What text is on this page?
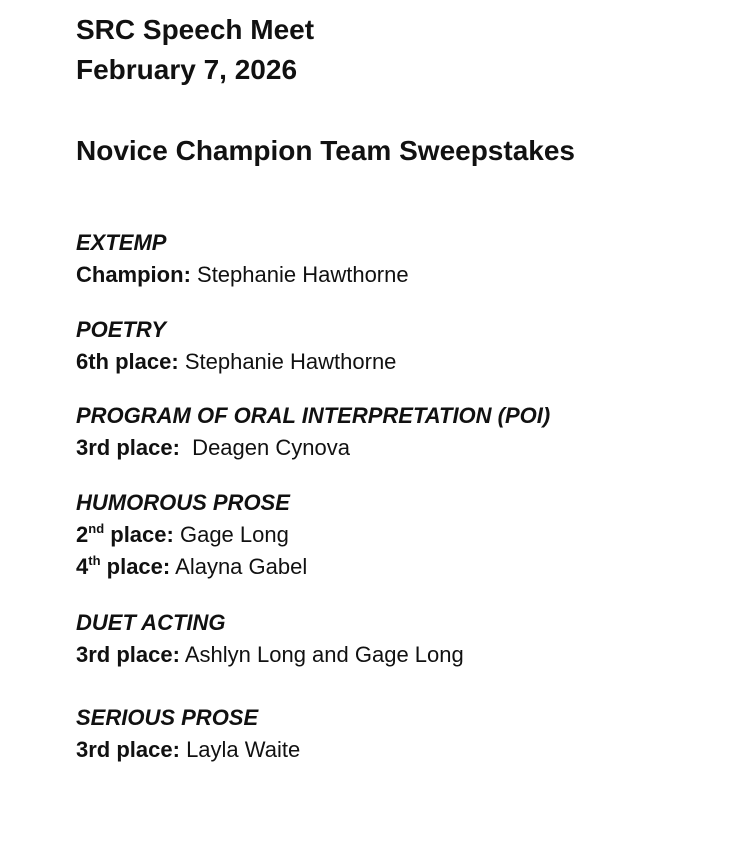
SRC Speech Meet

February 7, 2026

Novice Champion Team Sweepstakes

EXTEMP
Champion: Stephanie Hawthorne
POETRY
6th place: Stephanie Hawthorne
PROGRAM OF ORAL INTERPRETATION (POI)
3rd place:  Deagen Cynova
HUMOROUS PROSE
2nd place: Gage Long
4th place: Alayna Gabel
DUET ACTING
3rd place: Ashlyn Long and Gage Long
SERIOUS PROSE
3rd place: Layla Waite
